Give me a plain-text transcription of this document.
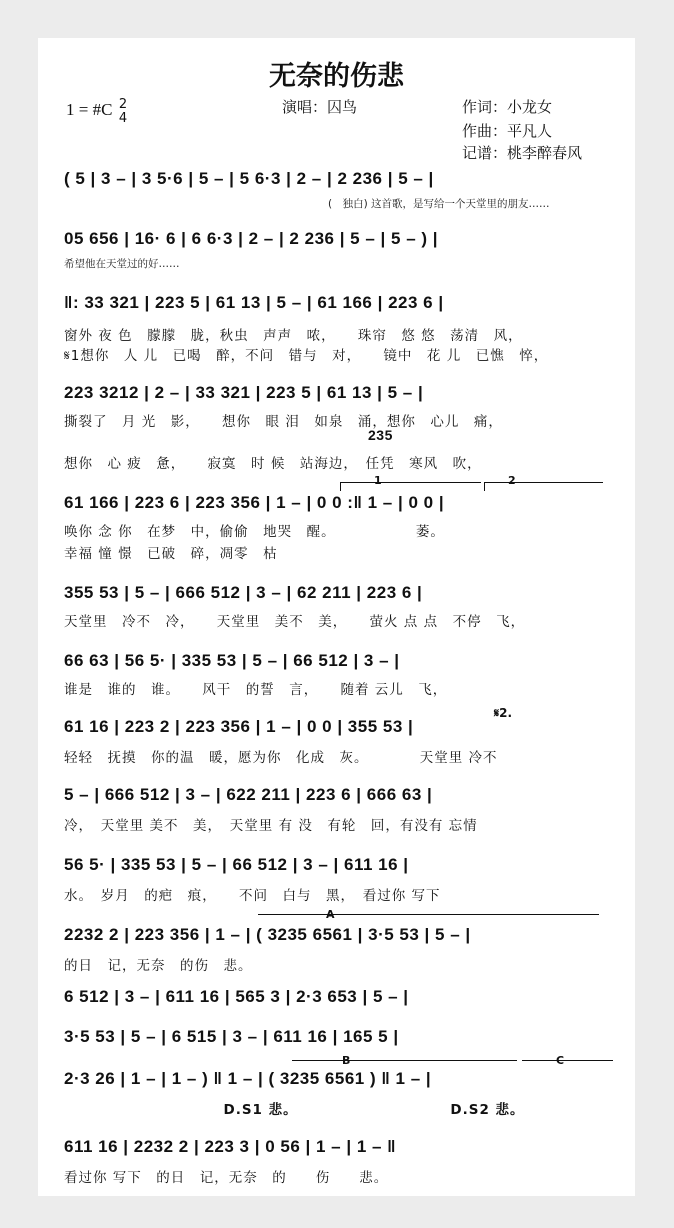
无奈的伤悲
1 = #C 2
4
演唱：囚鸟	作词：小龙女
作曲：平凡人
记谱：桃李醉春风
( 5 | 3 – | 3 5·6 | 5 – | 5 6·3 | 2 – | 2 236 | 5 – |
(　独白) 这首歌，是写给一个天堂里的朋友……
05 656 | 16· 6 | 6 6·3 | 2 – | 2 236 | 5 – | 5 – ) |
希望他在天堂过的好……
‖: 33 321 | 223 5 | 61 13 | 5 – | 61 166 | 223 6 |
窗外 夜 色　朦朦　胧，秋虫　声声　哝，　　珠帘　悠 悠　荡清　风，
𝄋1想你　人 儿　已喝　醉，不问　错与　对，　　镜中　花 儿　已憔　悴，
223 3212 | 2 – | 33 321 | 223 5 | 61 13 | 5 – |
撕裂了　月 光　影，　　想你　眼 泪　如泉　涌，想你　心儿　痛，
235
想你　心 疲　惫，　　寂寞　时 候　站海边，　任凭　寒风　吹，
1	2
61 166 | 223 6 | 223 356 | 1 – | 0 0 :‖ 1 – | 0 0 |
唤你 念 你　在梦　中，偷偷　地哭　醒。　　　　　　萎。
幸福 憧 憬　已破　碎，凋零　枯
355 53 | 5 – | 666 512 | 3 – | 62 211 | 223 6 |
天堂里　冷不　冷，　　天堂里　美不　美，　　萤火 点 点　不停　飞，
66 63 | 56 5· | 335 53 | 5 – | 66 512 | 3 – |
谁是　谁的　谁。　　风干　的誓　言，　　随着 云儿　飞，
𝄋2.
61 16 | 223 2 | 223 356 | 1 – | 0 0 | 355 53 |
轻轻　抚摸　你的温　暖，愿为你　化成　灰。　　　　天堂里 冷不
5 – | 666 512 | 3 – | 622 211 | 223 6 | 666 63 |
冷，　天堂里 美不　美，　天堂里 有 没　有轮　回，有没有 忘情
56 5· | 335 53 | 5 – | 66 512 | 3 – | 611 16 |
水。　岁月　的疤　痕，　　不问　白与　黑，　看过你 写下
A
2232 2 | 223 356 | 1 – | ( 3235 6561 | 3·5 53 | 5 – |
的日　记，无奈　的伤　悲。
6 512 | 3 – | 611 16 | 565 3 | 2·3 653 | 5 – |
3·5 53 | 5 – | 6 515 | 3 – | 611 16 | 165 5 |
B	C
2·3 26 | 1 – | 1 – ) ‖ 1 – | ( 3235 6561 ) ‖ 1 – |
　　　　　　　　　　　D.S1 悲。　　　　　　　　　　　D.S2 悲。
611 16 | 2232 2 | 223 3 | 0 56 | 1 – | 1 – ‖
看过你 写下　的日　记，无奈　的　　伤　　悲。
